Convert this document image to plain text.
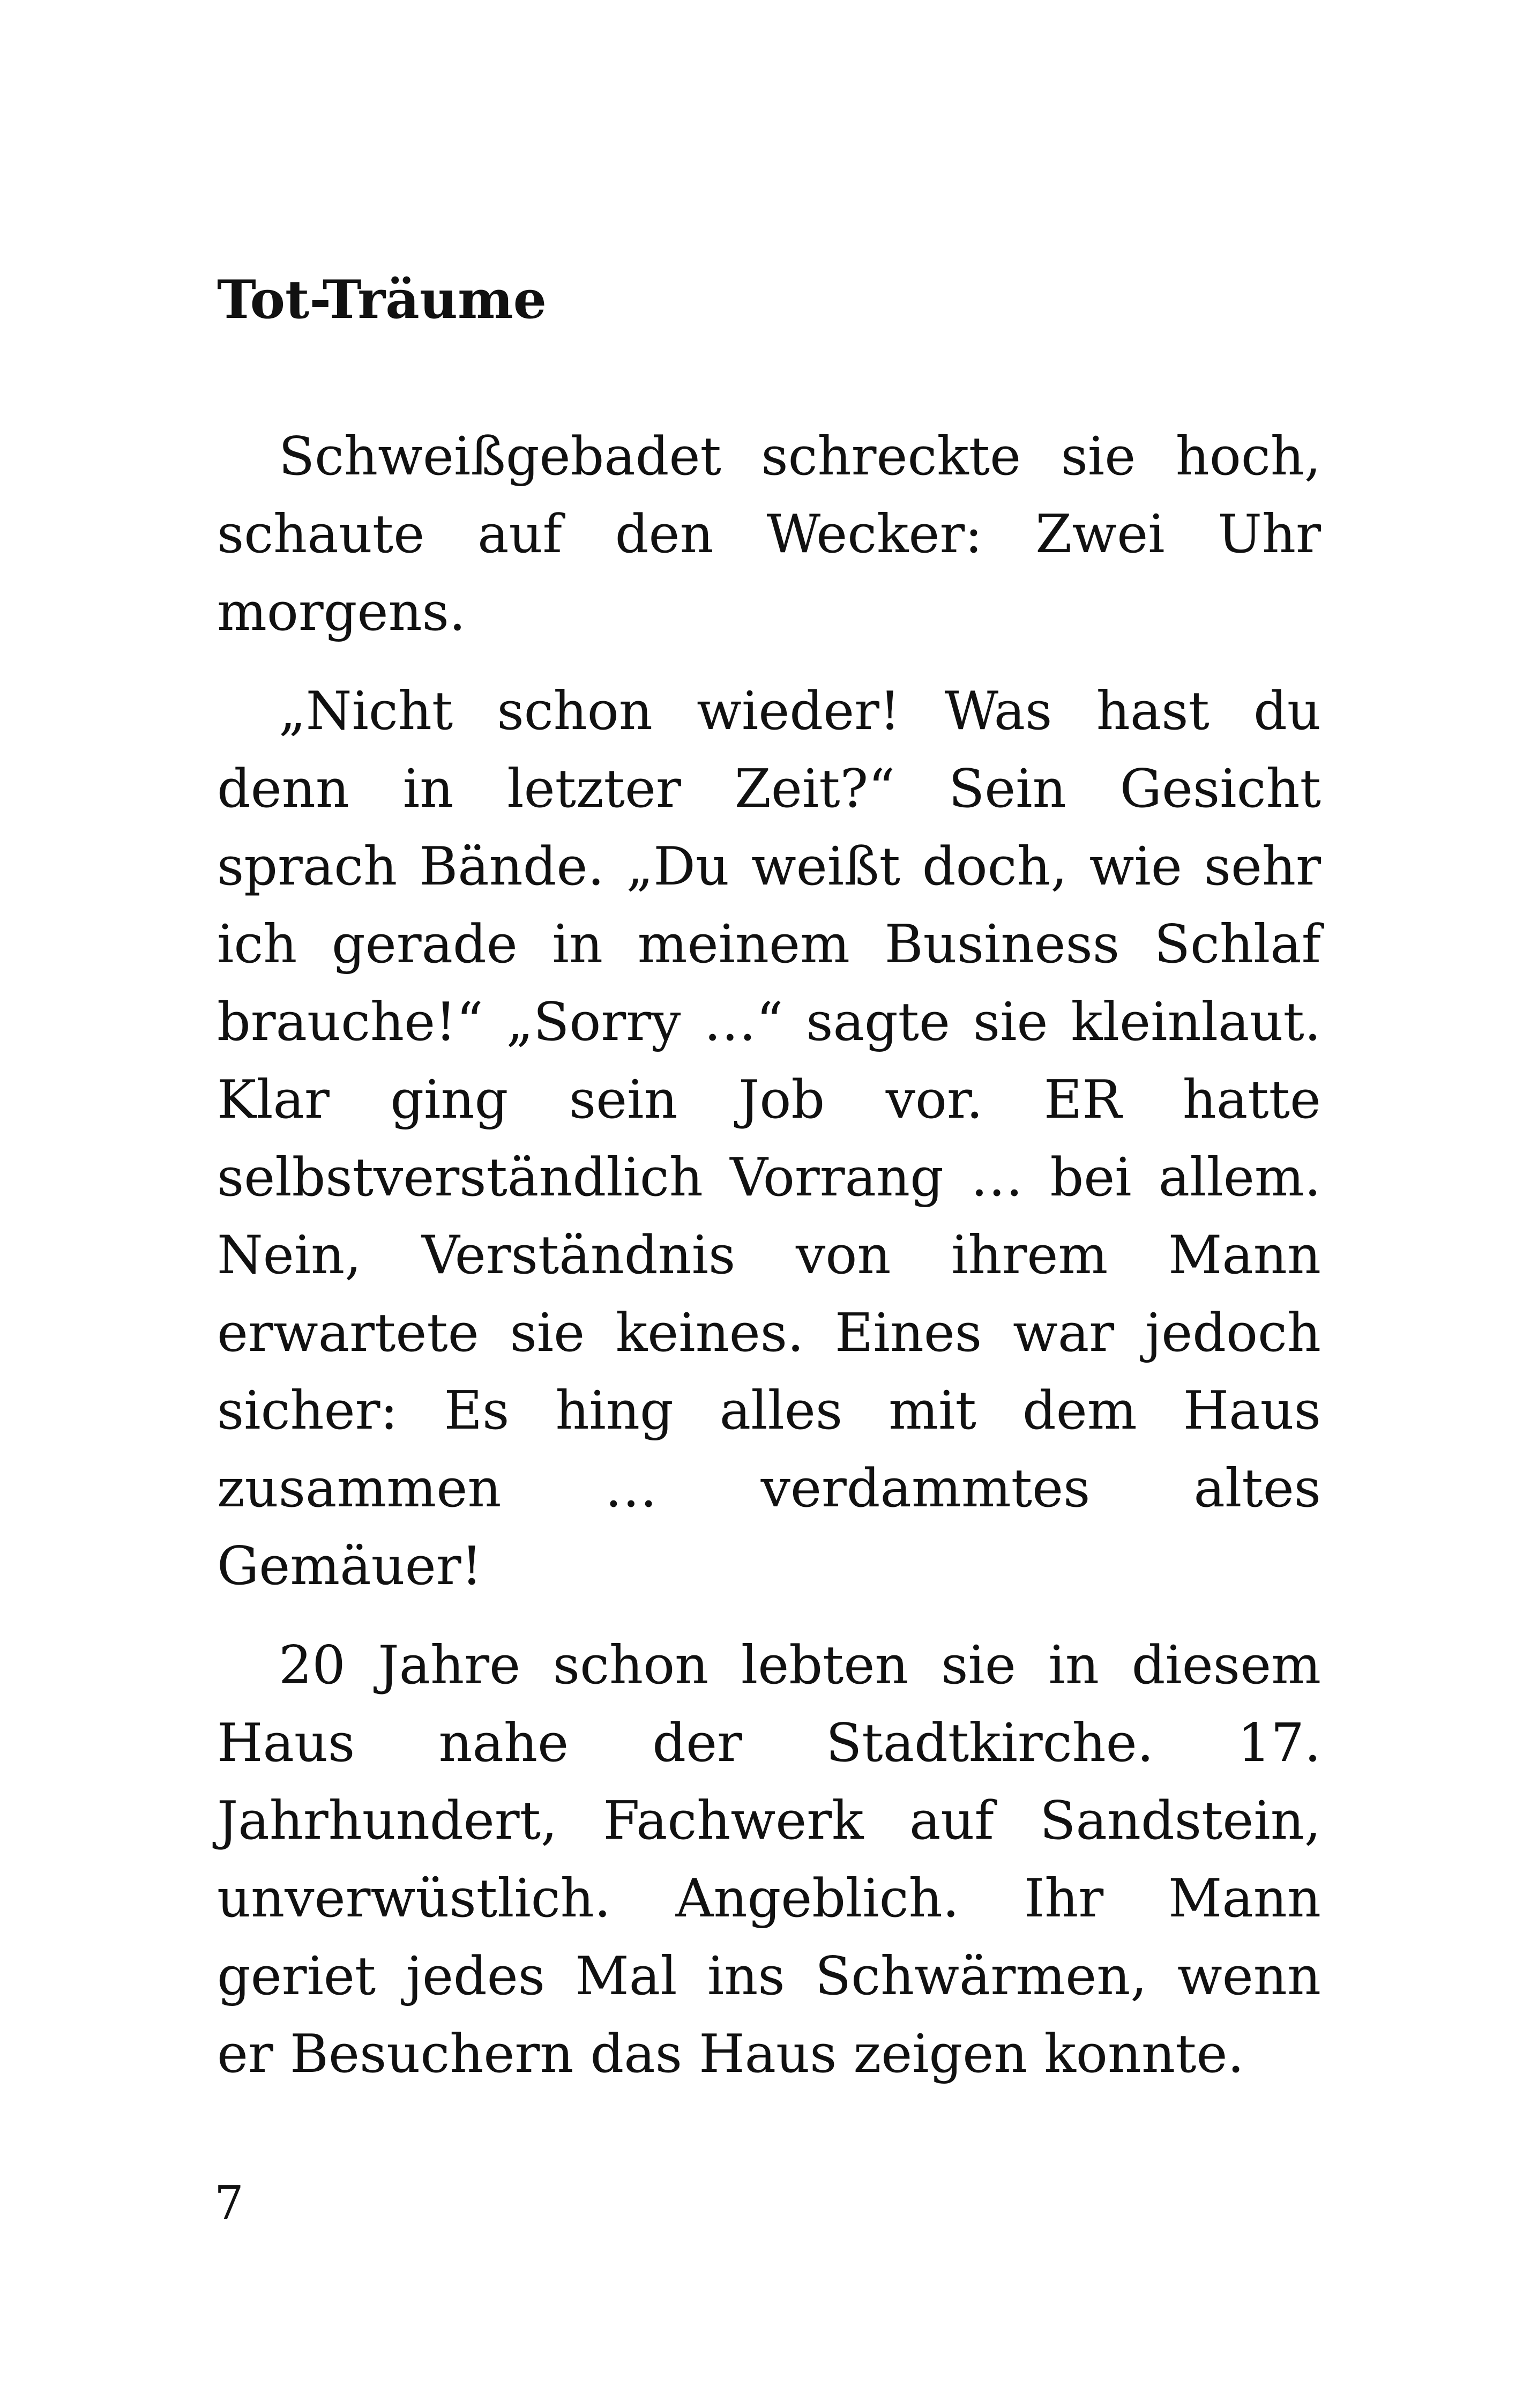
Tot-Träume

Schweißgebadet schreckte sie hoch, schaute auf den Wecker: Zwei Uhr morgens.

„Nicht schon wieder! Was hast du denn in letzter Zeit?“ Sein Gesicht sprach Bände. „Du weißt doch, wie sehr ich gerade in meinem Business Schlaf brauche!“ „Sorry …“ sagte sie kleinlaut. Klar ging sein Job vor. ER hatte selbstverständlich Vorrang … bei allem. Nein, Verständnis von ihrem Mann erwartete sie keines. Eines war jedoch sicher: Es hing alles mit dem Haus zusammen … verdammtes altes Gemäuer!

20 Jahre schon lebten sie in diesem Haus nahe der Stadtkirche. 17. Jahrhundert, Fachwerk auf Sandstein, unverwüstlich. Angeblich. Ihr Mann geriet jedes Mal ins Schwärmen, wenn er Besuchern das Haus zeigen konnte.

7
